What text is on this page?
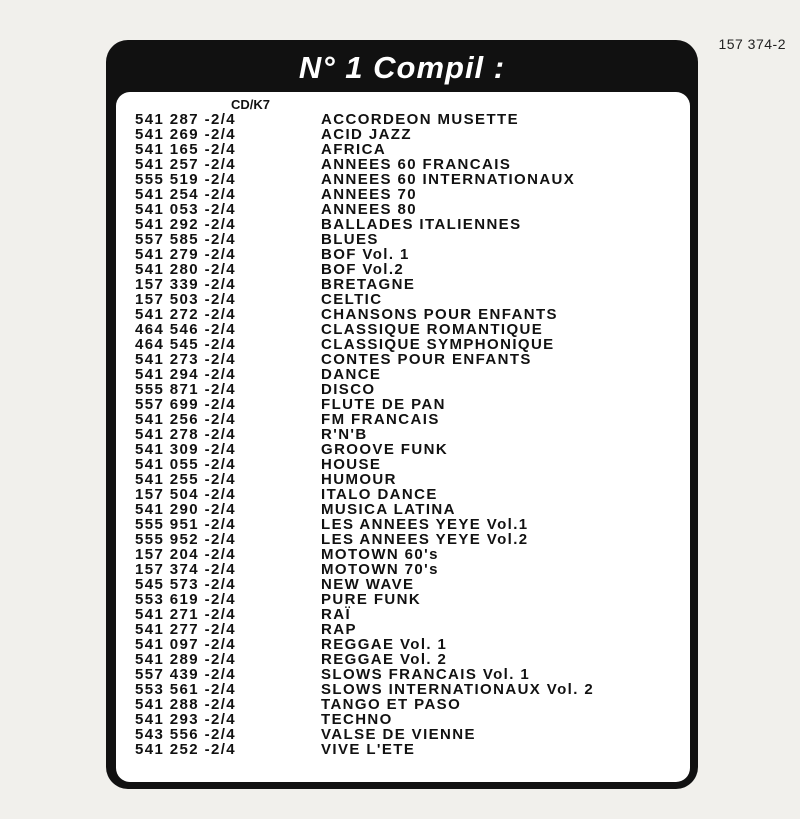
157 374-2
N° 1 Compil :
CD/K7
541 287 -2/4	ACCORDEON MUSETTE
541 269 -2/4	ACID JAZZ
541 165 -2/4	AFRICA
541 257 -2/4	ANNEES 60 FRANCAIS
555 519 -2/4	ANNEES 60 INTERNATIONAUX
541 254 -2/4	ANNEES 70
541 053 -2/4	ANNEES 80
541 292 -2/4	BALLADES ITALIENNES
557 585 -2/4	BLUES
541 279 -2/4	BOF Vol. 1
541 280 -2/4	BOF Vol.2
157 339 -2/4	BRETAGNE
157 503 -2/4	CELTIC
541 272 -2/4	CHANSONS POUR ENFANTS
464 546 -2/4	CLASSIQUE ROMANTIQUE
464 545 -2/4	CLASSIQUE SYMPHONIQUE
541 273 -2/4	CONTES POUR ENFANTS
541 294 -2/4	DANCE
555 871 -2/4	DISCO
557 699 -2/4	FLUTE DE PAN
541 256 -2/4	FM FRANCAIS
541 278 -2/4	R'N'B
541 309 -2/4	GROOVE FUNK
541 055 -2/4	HOUSE
541 255 -2/4	HUMOUR
157 504 -2/4	ITALO DANCE
541 290 -2/4	MUSICA LATINA
555 951 -2/4	LES ANNEES YEYE Vol.1
555 952 -2/4	LES ANNEES YEYE Vol.2
157 204 -2/4	MOTOWN 60's
157 374 -2/4	MOTOWN 70's
545 573 -2/4	NEW WAVE
553 619 -2/4	PURE FUNK
541 271 -2/4	RAÏ
541 277 -2/4	RAP
541 097 -2/4	REGGAE Vol. 1
541 289 -2/4	REGGAE Vol. 2
557 439 -2/4	SLOWS FRANCAIS Vol. 1
553 561 -2/4	SLOWS INTERNATIONAUX Vol. 2
541 288 -2/4	TANGO ET PASO
541 293 -2/4	TECHNO
543 556 -2/4	VALSE DE VIENNE
541 252 -2/4	VIVE L'ETE
